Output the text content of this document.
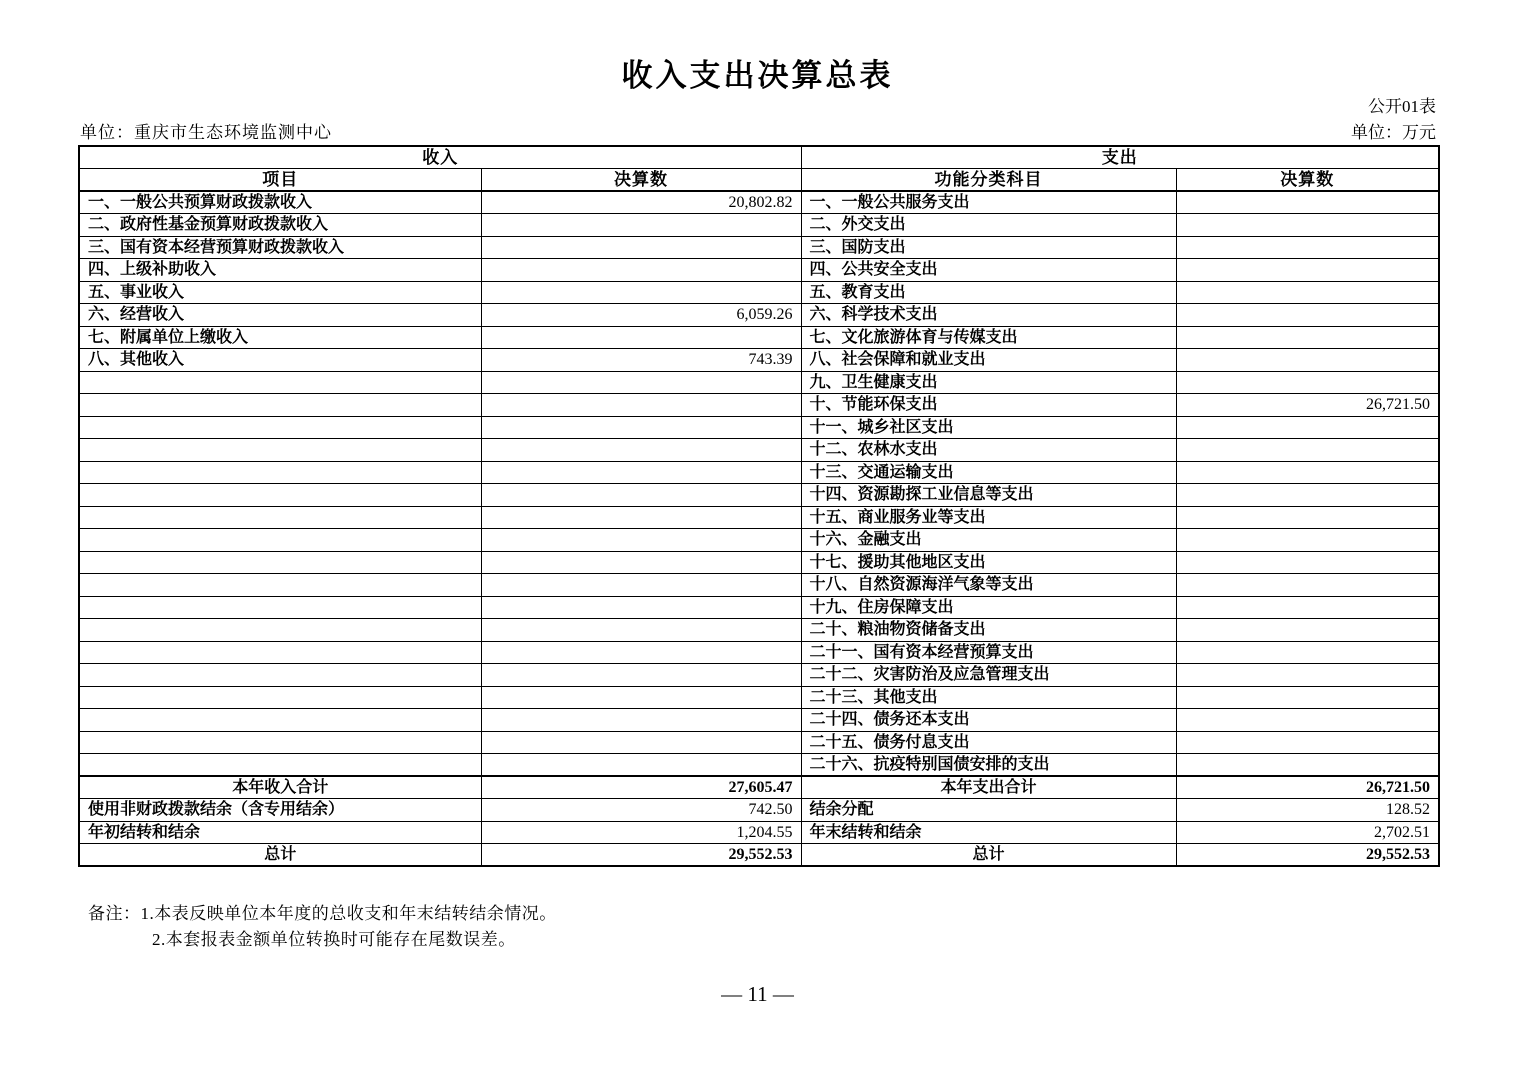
收入支出决算总表
公开01表
单位：万元
单位：重庆市生态环境监测中心
收入		支出	
项目	决算数	功能分类科目	决算数
一、一般公共预算财政拨款收入	20,802.82	一、一般公共服务支出	
二、政府性基金预算财政拨款收入		二、外交支出	
三、国有资本经营预算财政拨款收入		三、国防支出	
四、上级补助收入		四、公共安全支出	
五、事业收入		五、教育支出	
六、经营收入	6,059.26	六、科学技术支出	
七、附属单位上缴收入		七、文化旅游体育与传媒支出	
八、其他收入	743.39	八、社会保障和就业支出	
		九、卫生健康支出	
		十、节能环保支出	26,721.50
		十一、城乡社区支出	
		十二、农林水支出	
		十三、交通运输支出	
		十四、资源勘探工业信息等支出	
		十五、商业服务业等支出	
		十六、金融支出	
		十七、援助其他地区支出	
		十八、自然资源海洋气象等支出	
		十九、住房保障支出	
		二十、粮油物资储备支出	
		二十一、国有资本经营预算支出	
		二十二、灾害防治及应急管理支出	
		二十三、其他支出	
		二十四、债务还本支出	
		二十五、债务付息支出	
		二十六、抗疫特别国债安排的支出	
本年收入合计	27,605.47	本年支出合计	26,721.50
使用非财政拨款结余（含专用结余）	742.50	结余分配	128.52
年初结转和结余	1,204.55	年末结转和结余	2,702.51
总计	29,552.53	总计	29,552.53
备注： 1.本表反映单位本年度的总收支和年末结转结余情况。
2.本套报表金额单位转换时可能存在尾数误差。
— 11 —
